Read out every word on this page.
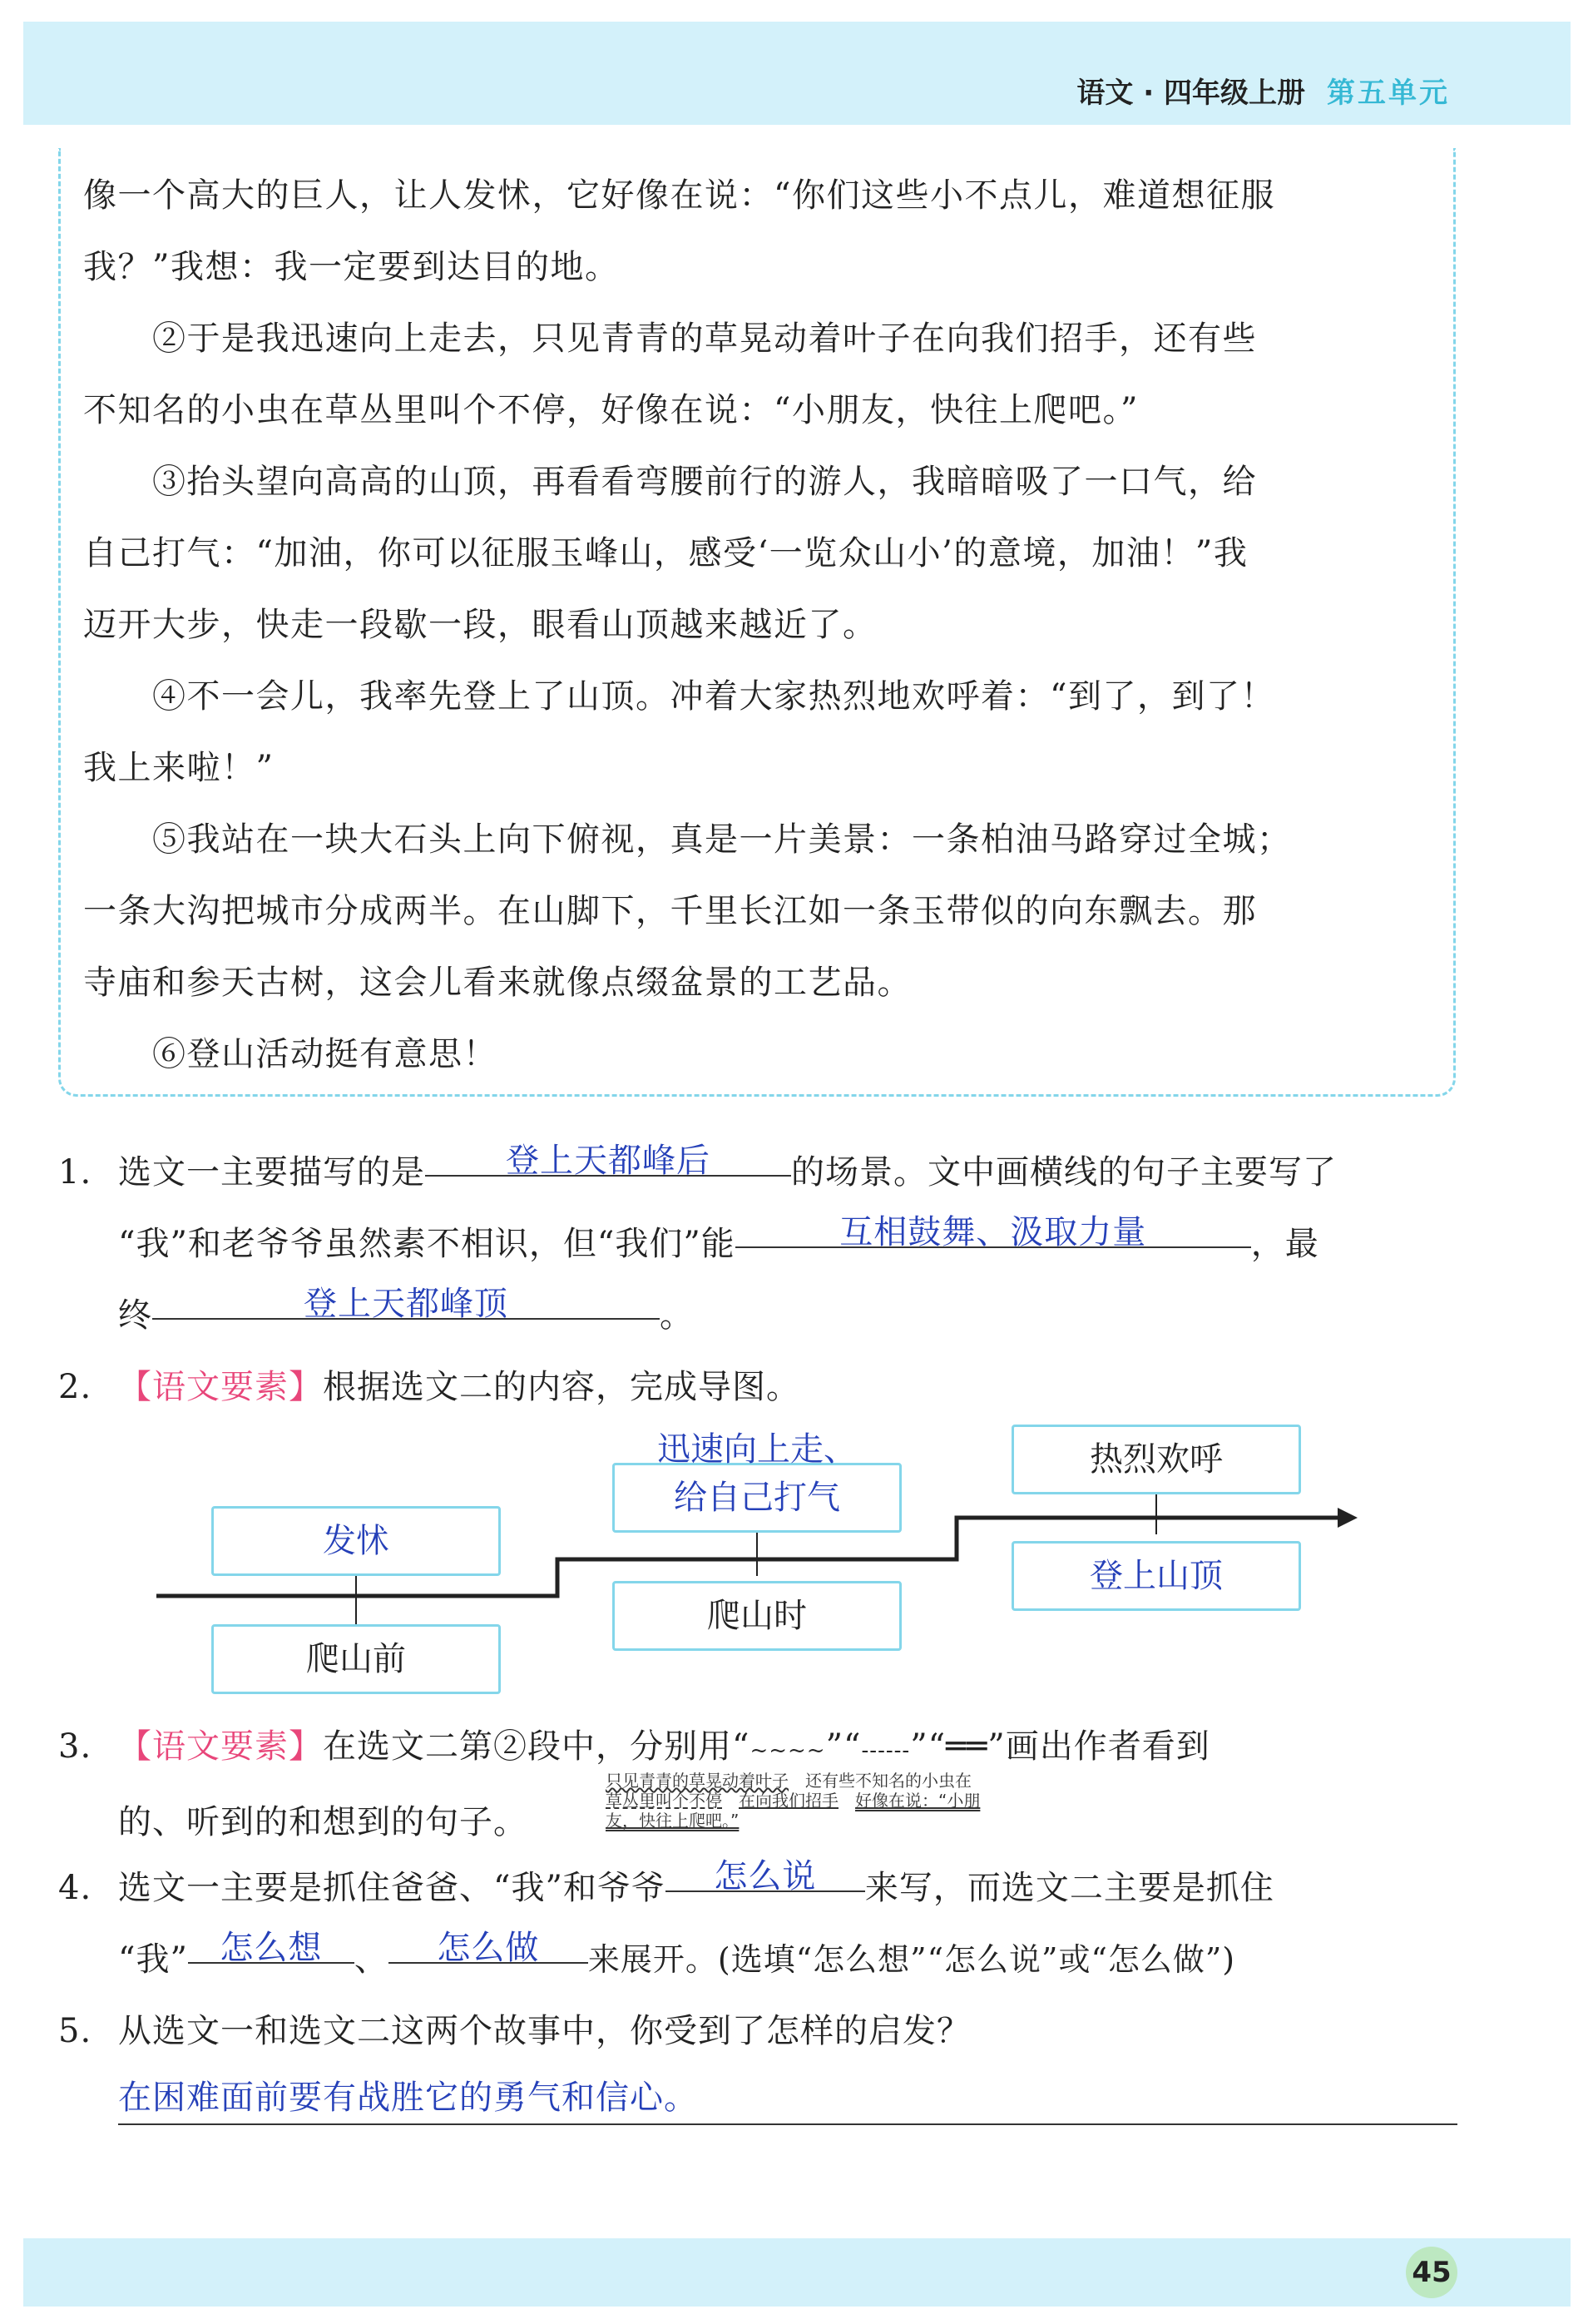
语文 · 四年级上册 第五单元

像一个高大的巨人，让人发怵，它好像在说：“你们这些小不点儿，难道想征服

我？”我想：我一定要到达目的地。

　　②于是我迅速向上走去，只见青青的草晃动着叶子在向我们招手，还有些

不知名的小虫在草丛里叫个不停，好像在说：“小朋友，快往上爬吧。”

　　③抬头望向高高的山顶，再看看弯腰前行的游人，我暗暗吸了一口气，给

自己打气：“加油，你可以征服玉峰山，感受‘一览众山小’的意境，加油！”我

迈开大步，快走一段歇一段，眼看山顶越来越近了。

　　④不一会儿，我率先登上了山顶。冲着大家热烈地欢呼着：“到了，到了！

我上来啦！”

　　⑤我站在一块大石头上向下俯视，真是一片美景：一条柏油马路穿过全城；

一条大沟把城市分成两半。在山脚下，千里长江如一条玉带似的向东飘去。那

寺庙和参天古树，这会儿看来就像点缀盆景的工艺品。

　　⑥登山活动挺有意思！

1. 选文一主要描写的是 登上天都峰后 的场景。文中画横线的句子主要写了
“我”和老爷爷虽然素不相识，但“我们”能	互相鼓舞、汲取力量	，最
终	登上天都峰顶	。
2. 【语文要素】根据选文二的内容，完成导图。
发怵
爬山前
迅速向上走、
给自己打气
爬山时
热烈欢呼
登上山顶
3. 【语文要素】在选文二第②段中，分别用“~~~~”“------”“══”画出作者看到
的、听到的和想到的句子。
只见青青的草晃动着叶子　 还有些不知名的小虫在
草丛里叫个不停　 在向我们招手　 好像在说：“小朋
友，快往上爬吧。”
4. 选文一主要是抓住爸爸、“我”和爷爷 怎么说 来写，而选文二主要是抓住
“我” 怎么想 、 怎么做 来展开。(选填“怎么想”“怎么说”或“怎么做”)
5. 从选文一和选文二这两个故事中，你受到了怎样的启发？
在困难面前要有战胜它的勇气和信心。
45
